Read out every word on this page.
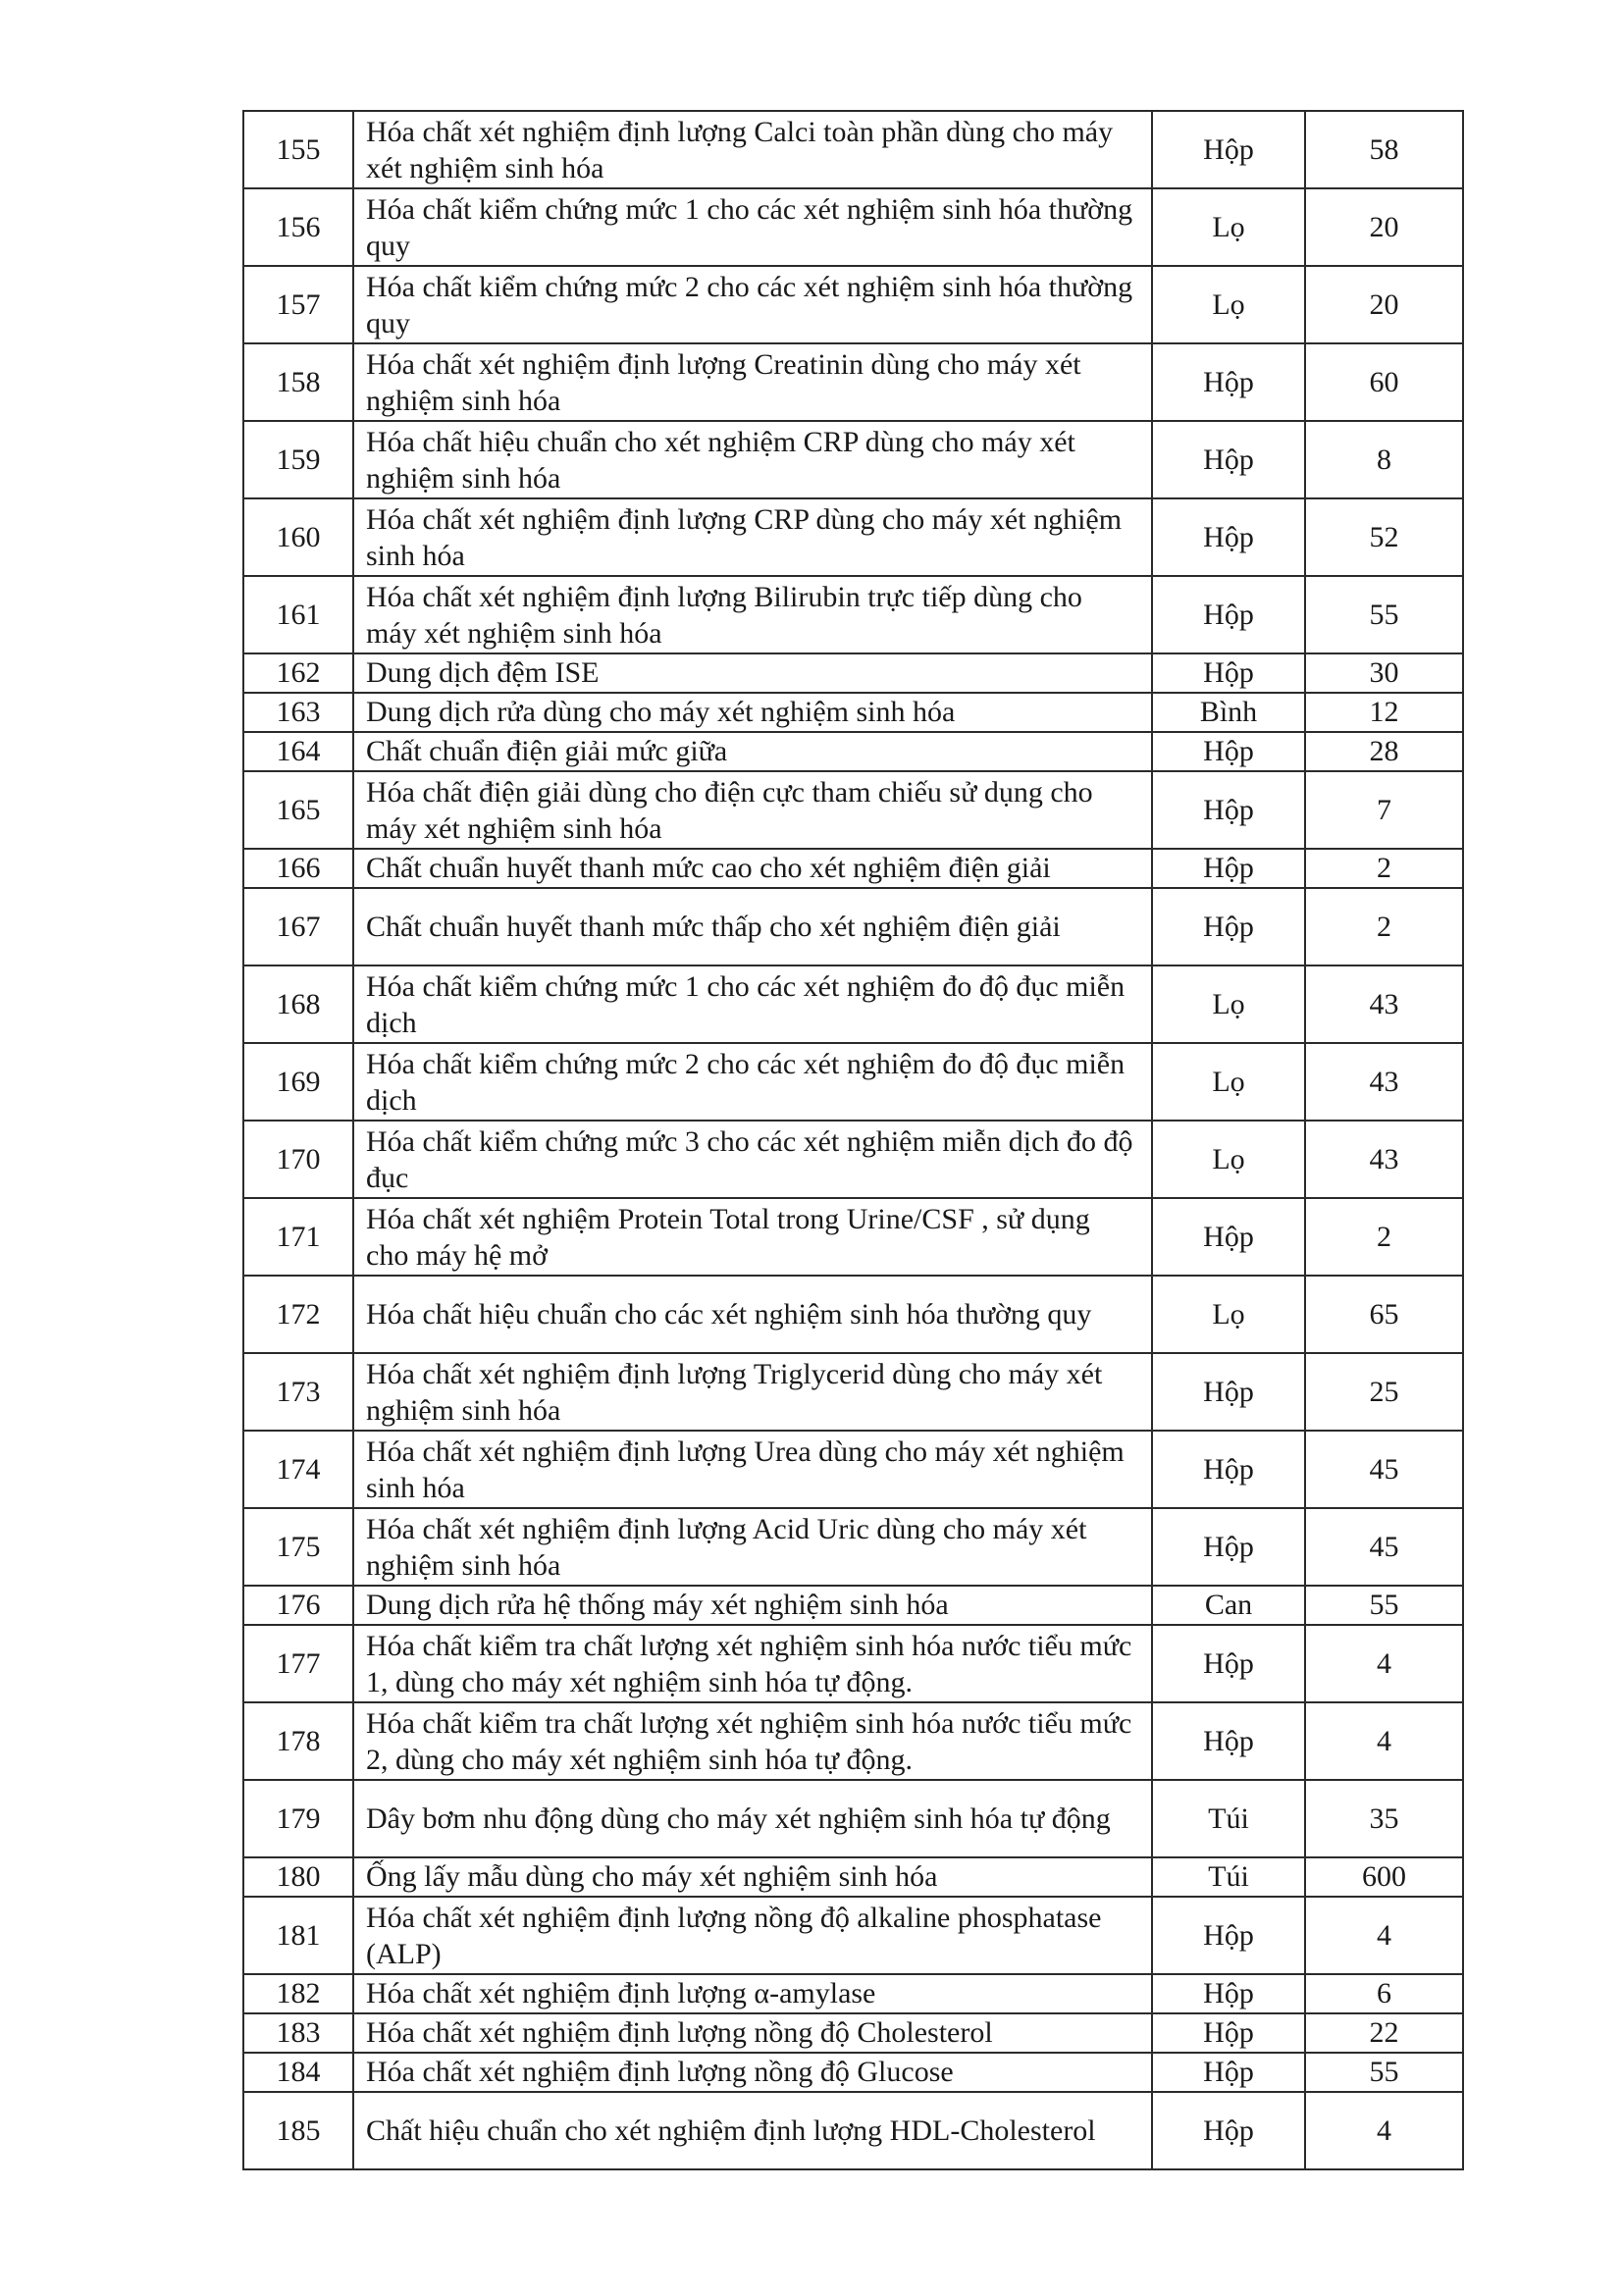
155	Hóa chất xét nghiệm định lượng Calci toàn phần dùng cho máy xét nghiệm sinh hóa	Hộp	58
156	Hóa chất kiểm chứng mức 1 cho các xét nghiệm sinh hóa thường quy	Lọ	20
157	Hóa chất kiểm chứng mức 2 cho các xét nghiệm sinh hóa thường quy	Lọ	20
158	Hóa chất xét nghiệm định lượng Creatinin dùng cho máy xét nghiệm sinh hóa	Hộp	60
159	Hóa chất hiệu chuẩn cho xét nghiệm CRP dùng cho máy xét nghiệm sinh hóa	Hộp	8
160	Hóa chất xét nghiệm định lượng CRP dùng cho máy xét nghiệm sinh hóa	Hộp	52
161	Hóa chất xét nghiệm định lượng Bilirubin trực tiếp dùng cho máy xét nghiệm sinh hóa	Hộp	55
162	Dung dịch đệm ISE	Hộp	30
163	Dung dịch rửa dùng cho máy xét nghiệm sinh hóa	Bình	12
164	Chất chuẩn điện giải mức giữa	Hộp	28
165	Hóa chất điện giải dùng cho điện cực tham chiếu sử dụng cho máy xét nghiệm sinh hóa	Hộp	7
166	Chất chuẩn huyết thanh mức cao cho xét nghiệm điện giải	Hộp	2
167	Chất chuẩn huyết thanh mức thấp cho xét nghiệm điện giải	Hộp	2
168	Hóa chất kiểm chứng mức 1 cho các xét nghiệm đo độ đục miễn dịch	Lọ	43
169	Hóa chất kiểm chứng mức 2 cho các xét nghiệm đo độ đục miễn dịch	Lọ	43
170	Hóa chất kiểm chứng mức 3 cho các xét nghiệm miễn dịch đo độ đục	Lọ	43
171	Hóa chất xét nghiệm Protein Total trong Urine/CSF , sử dụng cho máy hệ mở	Hộp	2
172	Hóa chất hiệu chuẩn cho các xét nghiệm sinh hóa thường quy	Lọ	65
173	Hóa chất xét nghiệm định lượng Triglycerid dùng cho máy xét nghiệm sinh hóa	Hộp	25
174	Hóa chất xét nghiệm định lượng Urea dùng cho máy xét nghiệm sinh hóa	Hộp	45
175	Hóa chất xét nghiệm định lượng Acid Uric dùng cho máy xét nghiệm sinh hóa	Hộp	45
176	Dung dịch rửa hệ thống máy xét nghiệm sinh hóa	Can	55
177	Hóa chất kiểm tra chất lượng xét nghiệm sinh hóa nước tiểu mức 1, dùng cho máy xét nghiệm sinh hóa tự động.	Hộp	4
178	Hóa chất kiểm tra chất lượng xét nghiệm sinh hóa nước tiểu mức 2, dùng cho máy xét nghiệm sinh hóa tự động.	Hộp	4
179	Dây bơm nhu động dùng cho máy xét nghiệm sinh hóa tự động	Túi	35
180	Ống lấy mẫu dùng cho máy xét nghiệm sinh hóa	Túi	600
181	Hóa chất xét nghiệm định lượng nồng độ alkaline phosphatase (ALP)	Hộp	4
182	Hóa chất xét nghiệm định lượng α-amylase	Hộp	6
183	Hóa chất xét nghiệm định lượng nồng độ Cholesterol	Hộp	22
184	Hóa chất xét nghiệm định lượng nồng độ Glucose	Hộp	55
185	Chất hiệu chuẩn cho xét nghiệm định lượng HDL-Cholesterol	Hộp	4
